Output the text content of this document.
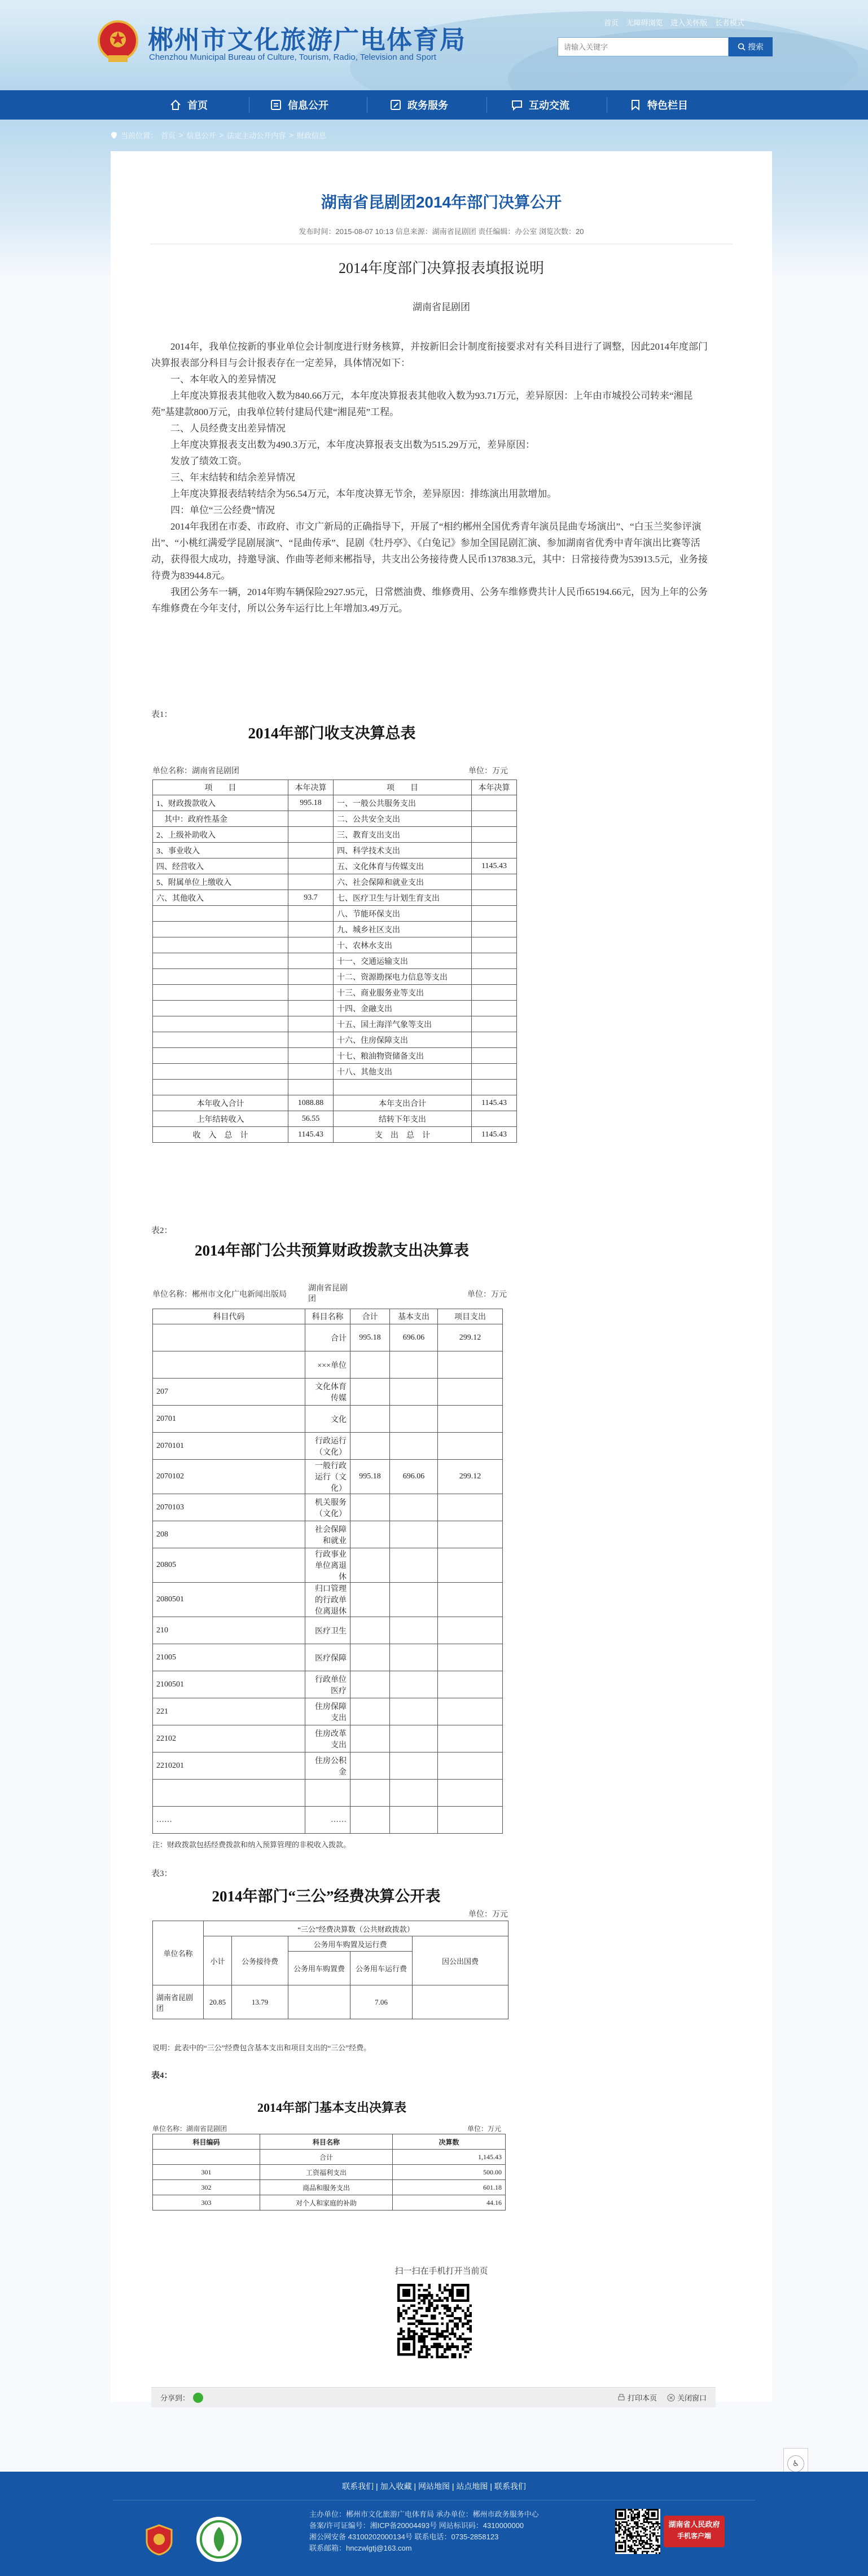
郴州市文化旅游广电体育局
Chenzhou Municipal Bureau of Culture, Tourism, Radio, Television and Sport
首页 无障碍浏览 进入关怀版 长者模式
请输入关键字
搜索
首页	信息公开	政务服务	互动交流	特色栏目
当前位置： 首页 > 信息公开 > 法定主动公开内容 > 财政信息
湖南省昆剧团2014年部门决算公开
发布时间：2015-08-07 10:13 信息来源：湖南省昆剧团 责任编辑：办公室 浏览次数：20
2014年度部门决算报表填报说明
湖南省昆剧团

2014年，我单位按新的事业单位会计制度进行财务核算，并按新旧会计制度衔接要求对有关科目进行了调整，因此2014年度部门决算报表部分科目与会计报表存在一定差异，具体情况如下：

一、本年收入的差异情况

上年度决算报表其他收入数为840.66万元，本年度决算报表其他收入数为93.71万元，差异原因：上年由市城投公司转来“湘昆苑”基建款800万元，由我单位转付建局代建“湘昆苑”工程。

二、人员经费支出差异情况

上年度决算报表支出数为490.3万元，本年度决算报表支出数为515.29万元，差异原因：

发放了绩效工资。

三、年末结转和结余差异情况

上年度决算报表结转结余为56.54万元，本年度决算无节余，差异原因：排练演出用款增加。

四：单位“三公经费”情况

2014年我团在市委、市政府、市文广新局的正确指导下，开展了“相约郴州全国优秀青年演员昆曲专场演出”、“白玉兰奖参评演出”、“小桃红满爱学昆剧展演”、“昆曲传承”、昆剧《牡丹亭》、《白兔记》参加全国昆剧汇演、参加湖南省优秀中青年演出比赛等活动，获得很大成功，持邀导演、作曲等老师来郴指导，共支出公务接待费人民币137838.3元，其中：日常接待费为53913.5元，业务接待费为83944.8元。

我团公务车一辆，2014年购车辆保险2927.95元，日常燃油费、维修费用、公务车维修费共计人民币65194.66元，因为上年的公务车维修费在今年支付，所以公务车运行比上年增加3.49万元。

表1：
2014年部门收支决算总表
单位名称：湖南省昆剧团	单位：万元
项　　目	本年决算	项　　目	本年决算
1、财政拨款收入	995.18	一、一般公共服务支出	
　其中：政府性基金		二、公共安全支出	
2、上级补助收入		三、教育支出支出	
3、事业收入		四、科学技术支出	
四、经营收入		五、文化体育与传媒支出	1145.43
5、附属单位上缴收入		六、社会保障和就业支出	
六、其他收入	93.7	七、医疗卫生与计划生育支出	
		八、节能环保支出	
		九、城乡社区支出	
		十、农林水支出	
		十一、交通运输支出	
		十二、资源勘探电力信息等支出	
		十三、商业服务业等支出	
		十四、金融支出	
		十五、国土海洋气象等支出	
		十六、住房保障支出	
		十七、粮油物资储备支出	
		十八、其他支出	

本年收入合计	1088.88	本年支出合计	1145.43
上年结转收入	56.55	结转下年支出	
收　入　总　计	1145.43	支　出　总　计	1145.43
表2：
2014年部门公共预算财政拨款支出决算表
单位名称：郴州市文化广电新闻出版局
湖南省昆剧团
单位：万元
科目代码	科目名称	合计	基本支出	项目支出
	合计	995.18	696.06	299.12
	×××单位			
207	文化体育传媒			
20701	文化			
2070101	行政运行（文化）			
2070102	一般行政运行（文化）	995.18	696.06	299.12
2070103	机关服务（文化）			
208	社会保障和就业			
20805	行政事业单位离退休			
2080501	归口管理的行政单位离退休			
210	医疗卫生			
21005	医疗保障			
2100501	行政单位医疗			
221	住房保障支出			
22102	住房改革支出			
2210201	住房公积金			

……	……			
注：财政拨款包括经费拨款和纳入预算管理的非税收入拨款。
表3：
2014年部门“三公”经费决算公开表
单位：万元
单位名称	“三公”经费决算数（公共财政拨款）				
	小计	公务接待费	公务用车购置及运行费		因公出国费
			公务用车购置费	公务用车运行费	
湖南省昆剧团	20.85	13.79		7.06	
说明：此表中的“三公”经费包含基本支出和项目支出的“三公”经费。
表4：
2014年部门基本支出决算表
单位名称：湖南省昆剧团	单位：万元
科目编码	科目名称	决算数
	合计	1,145.43
301	工资福利支出	500.00
302	商品和服务支出	601.18
303	对个人和家庭的补助	44.16
扫一扫在手机打开当前页
分享到：	打印本页	关闭窗口
♿
联系我们 | 加入收藏 | 网站地图 | 站点地图 | 联系我们
主办单位：郴州市文化旅游广电体育局 承办单位：郴州市政务服务中心
备案/许可证编号：湘ICP备20004493号 网站标识码：4310000000
湘公网安备 43100202000134号 联系电话：0735-2858123
联系邮箱：hnczwlgtj@163.com
湖南省人民政府
手机客户端
